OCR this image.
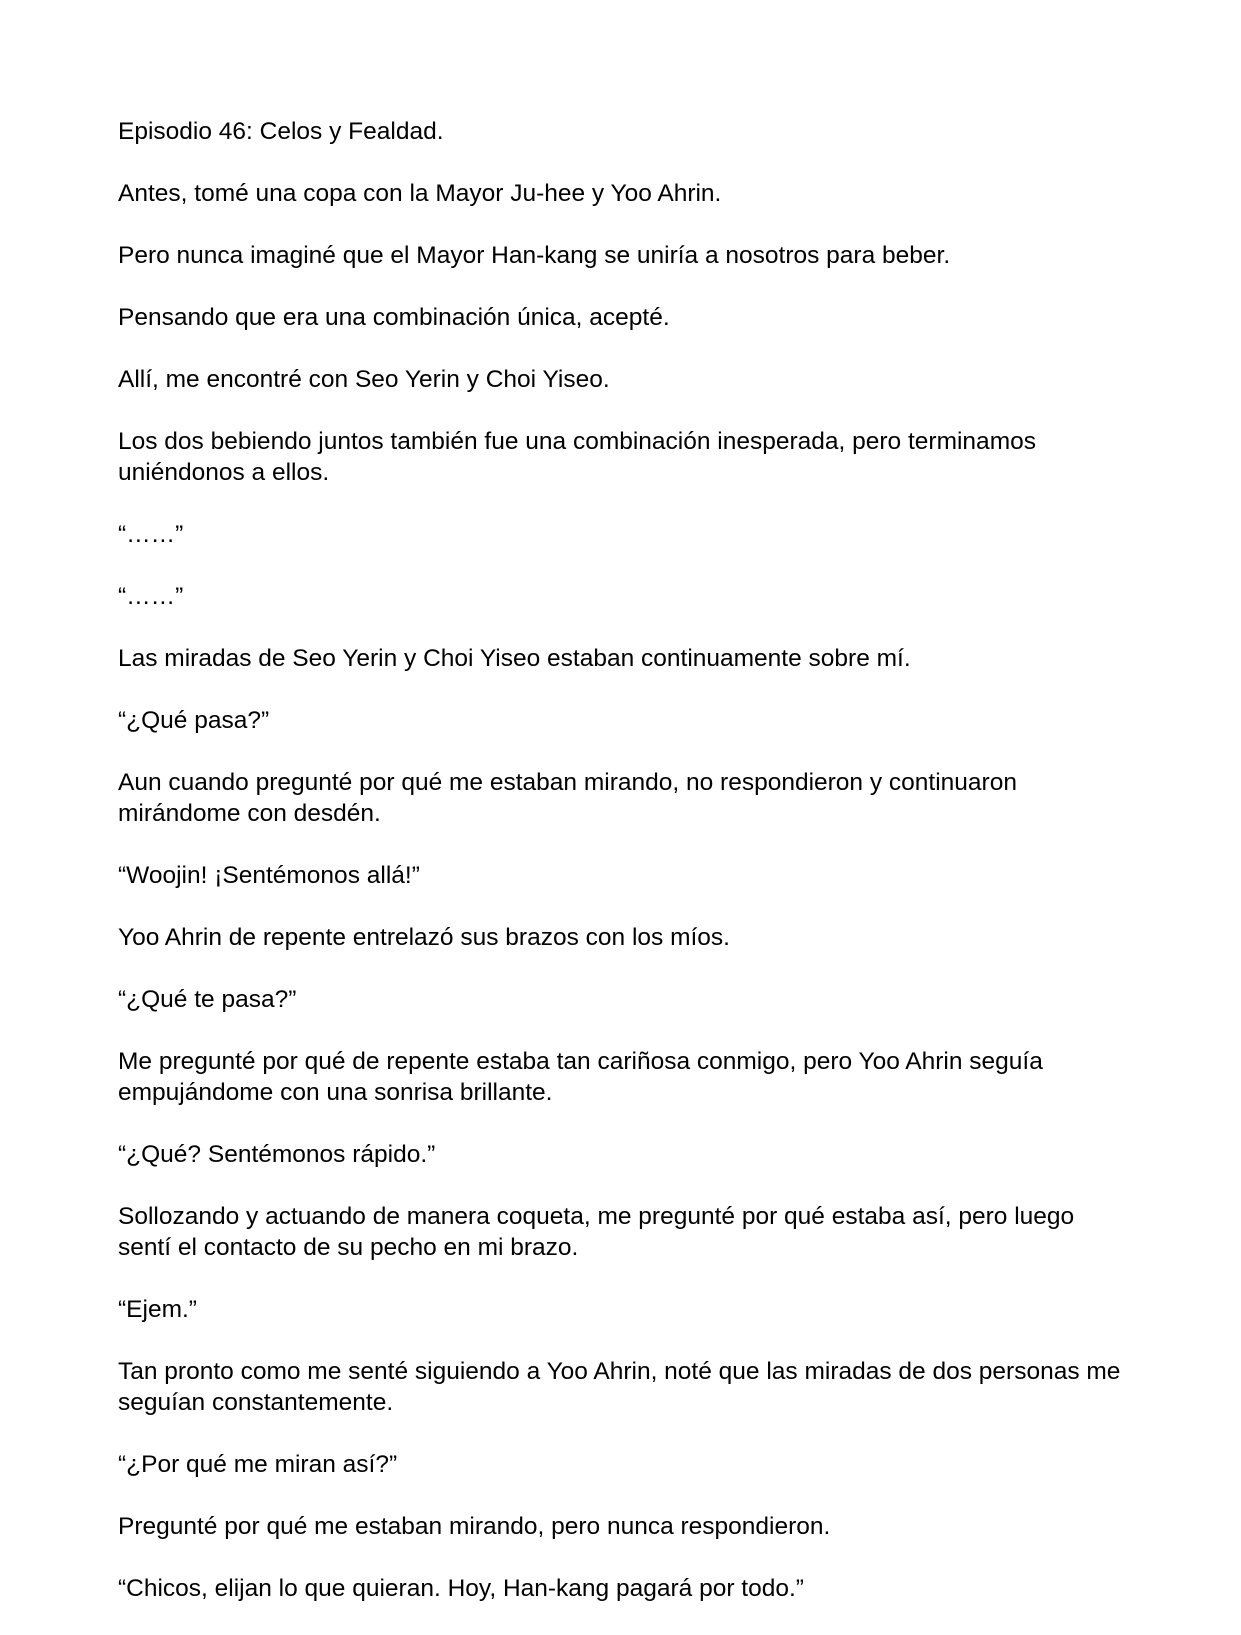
Episodio 46: Celos y Fealdad.

Antes, tomé una copa con la Mayor Ju-hee y Yoo Ahrin.

Pero nunca imaginé que el Mayor Han-kang se uniría a nosotros para beber.

Pensando que era una combinación única, acepté.

Allí, me encontré con Seo Yerin y Choi Yiseo.

Los dos bebiendo juntos también fue una combinación inesperada, pero terminamos uniéndonos a ellos.

“……”

“……”

Las miradas de Seo Yerin y Choi Yiseo estaban continuamente sobre mí.

“¿Qué pasa?”

Aun cuando pregunté por qué me estaban mirando, no respondieron y continuaron mirándome con desdén.

“Woojin! ¡Sentémonos allá!”

Yoo Ahrin de repente entrelazó sus brazos con los míos.

“¿Qué te pasa?”

Me pregunté por qué de repente estaba tan cariñosa conmigo, pero Yoo Ahrin seguía empujándome con una sonrisa brillante.

“¿Qué? Sentémonos rápido.”

Sollozando y actuando de manera coqueta, me pregunté por qué estaba así, pero luego sentí el contacto de su pecho en mi brazo.

“Ejem.”

Tan pronto como me senté siguiendo a Yoo Ahrin, noté que las miradas de dos personas me seguían constantemente.

“¿Por qué me miran así?”

Pregunté por qué me estaban mirando, pero nunca respondieron.

“Chicos, elijan lo que quieran. Hoy, Han-kang pagará por todo.”
